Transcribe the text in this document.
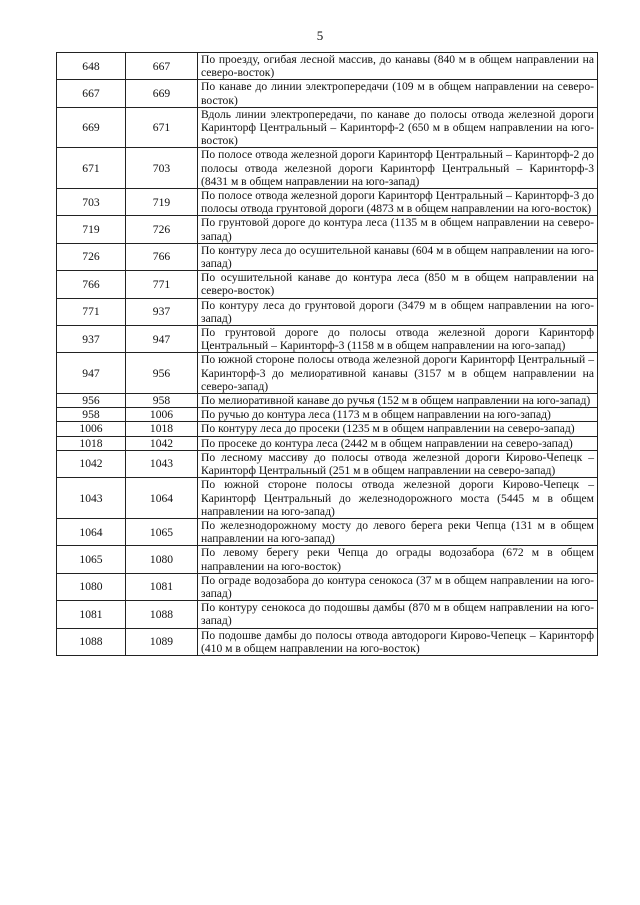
5
648	667	По проезду, огибая лесной массив, до канавы (840 м в общем направлении на северо-восток)
667	669	По канаве до линии электропередачи (109 м в общем направлении на северо-восток)
669	671	Вдоль линии электропередачи, по канаве до полосы отвода железной дороги Каринторф Центральный – Каринторф-2 (650 м в общем направлении на юго-восток)
671	703	По полосе отвода железной дороги Каринторф Центральный – Каринторф-2 до полосы отвода железной дороги Каринторф Центральный – Каринторф-3 (8431 м в общем направлении на юго-запад)
703	719	По полосе отвода железной дороги Каринторф Центральный – Каринторф-3 до полосы отвода грунтовой дороги (4873 м в общем направлении на юго-восток)
719	726	По грунтовой дороге до контура леса (1135 м в общем направлении на северо-запад)
726	766	По контуру леса до осушительной канавы (604 м в общем направлении на юго-запад)
766	771	По осушительной канаве до контура леса (850 м в общем направлении на северо-восток)
771	937	По контуру леса до грунтовой дороги (3479 м в общем направлении на юго-запад)
937	947	По грунтовой дороге до полосы отвода железной дороги Каринторф Центральный – Каринторф-3 (1158 м в общем направлении на юго-запад)
947	956	По южной стороне полосы отвода железной дороги Каринторф Центральный – Каринторф-3 до мелиоративной канавы (3157 м в общем направлении на северо-запад)
956	958	По мелиоративной канаве до ручья (152 м в общем направлении на юго-запад)
958	1006	По ручью до контура леса (1173 м в общем направлении на юго-запад)
1006	1018	По контуру леса до просеки (1235 м в общем направлении на северо-запад)
1018	1042	По просеке до контура леса (2442 м в общем направлении на северо-запад)
1042	1043	По лесному массиву до полосы отвода железной дороги Кирово-Чепецк – Каринторф Центральный (251 м в общем направлении на северо-запад)
1043	1064	По южной стороне полосы отвода железной дороги Кирово-Чепецк – Каринторф Центральный до железнодорожного моста (5445 м в общем направлении на юго-запад)
1064	1065	По железнодорожному мосту до левого берега реки Чепца (131 м в общем направлении на юго-запад)
1065	1080	По левому берегу реки Чепца до ограды водозабора (672 м в общем направлении на юго-восток)
1080	1081	По ограде водозабора до контура сенокоса (37 м в общем направлении на юго-запад)
1081	1088	По контуру сенокоса до подошвы дамбы (870 м в общем направлении на юго-запад)
1088	1089	По подошве дамбы до полосы отвода автодороги Кирово-Чепецк – Каринторф (410 м в общем направлении на юго-восток)
